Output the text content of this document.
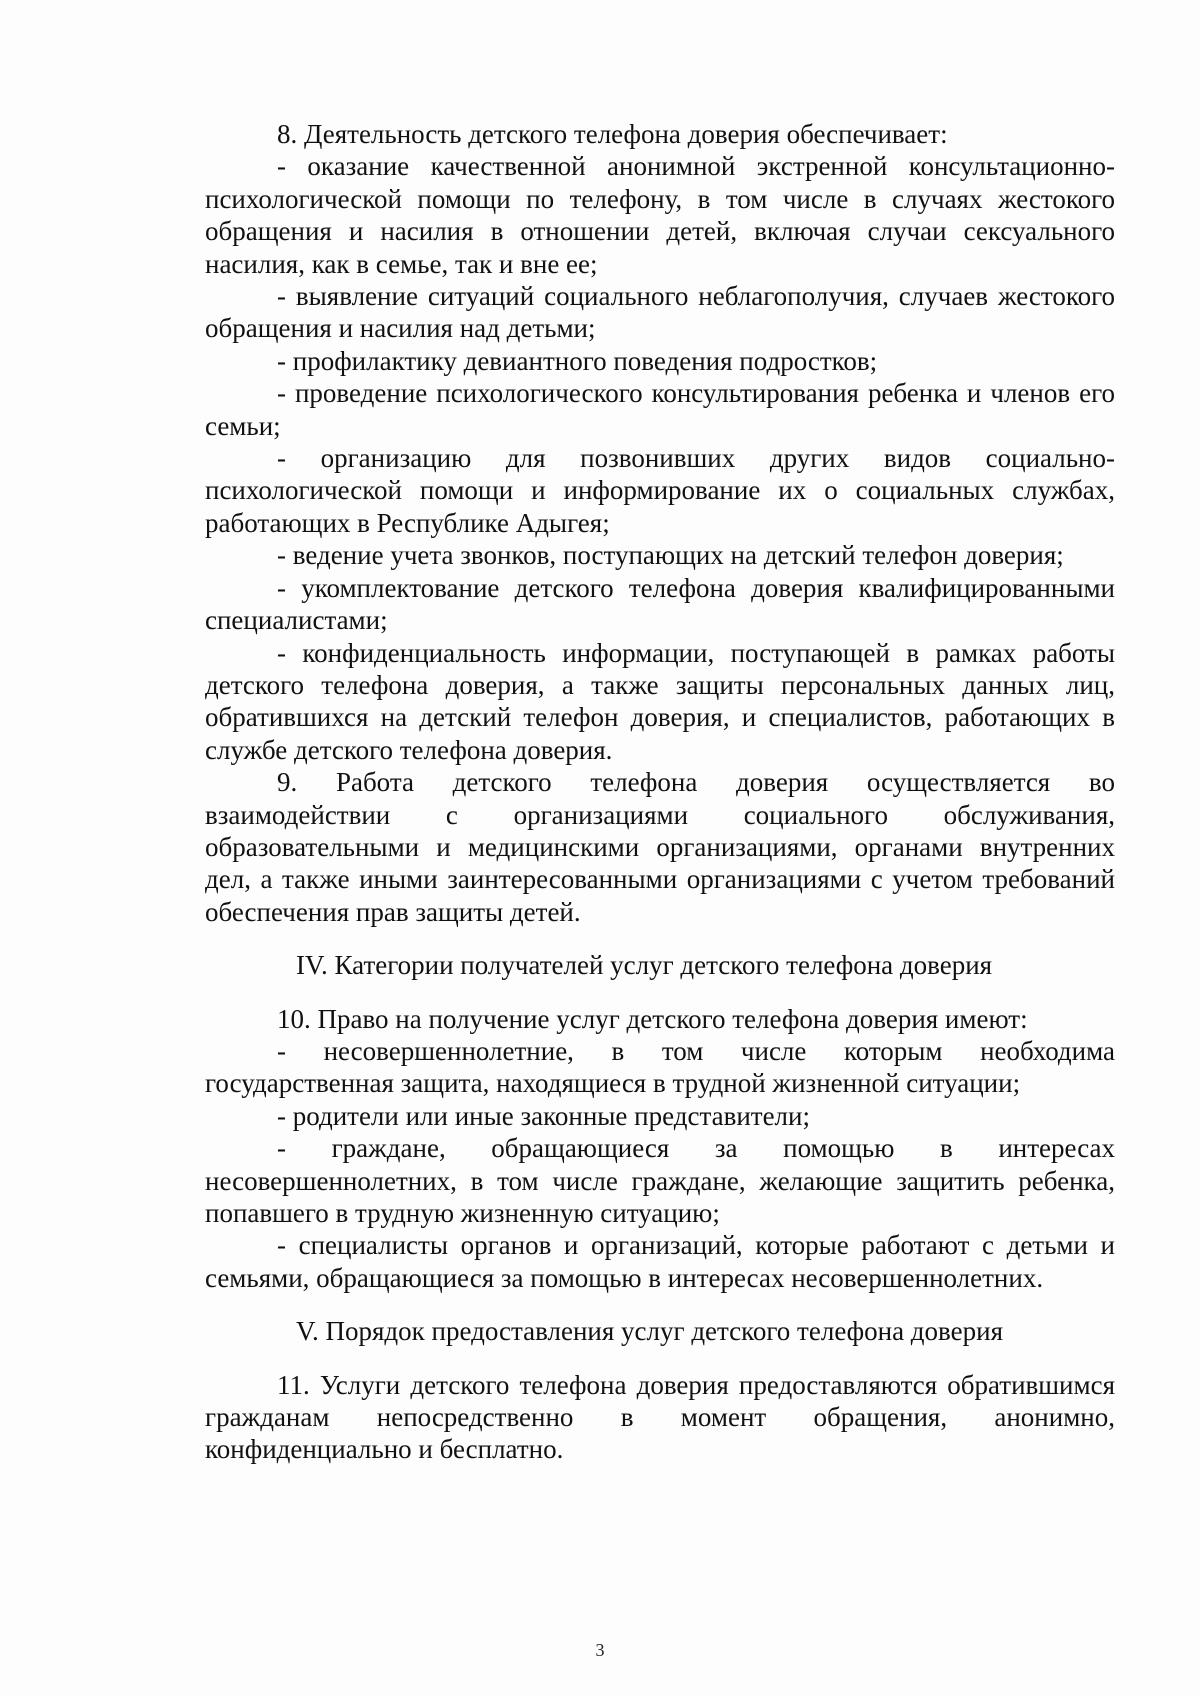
8. Деятельность детского телефона доверия обеспечивает:

- оказание качественной анонимной экстренной консультационно-психологической помощи по телефону, в том числе в случаях жестокого обращения и насилия в отношении детей, включая случаи сексуального насилия, как в семье, так и вне ее;

- выявление ситуаций социального неблагополучия, случаев жестокого обращения и насилия над детьми;

- профилактику девиантного поведения подростков;

- проведение психологического консультирования ребенка и членов его семьи;

- организацию для позвонивших других видов социально-психологической помощи и информирование их о социальных службах, работающих в Республике Адыгея;

- ведение учета звонков, поступающих на детский телефон доверия;

- укомплектование детского телефона доверия квалифицированными специалистами;

- конфиденциальность информации, поступающей в рамках работы детского телефона доверия, а также защиты персональных данных лиц, обратившихся на детский телефон доверия, и специалистов, работающих в службе детского телефона доверия.

9. Работа детского телефона доверия осуществляется во взаимодействии с организациями социального обслуживания, образовательными и медицинскими организациями, органами внутренних дел, а также иными заинтересованными организациями с учетом требований обеспечения прав защиты детей.

IV. Категории получателей услуг детского телефона доверия

10. Право на получение услуг детского телефона доверия имеют:

- несовершеннолетние, в том числе которым необходима государственная защита, находящиеся в трудной жизненной ситуации;

- родители или иные законные представители;

- граждане, обращающиеся за помощью в интересах несовершеннолетних, в том числе граждане, желающие защитить ребенка, попавшего в трудную жизненную ситуацию;

- специалисты органов и организаций, которые работают с детьми и семьями, обращающиеся за помощью в интересах несовершеннолетних.

V. Порядок предоставления услуг детского телефона доверия

11. Услуги детского телефона доверия предоставляются обратившимся гражданам непосредственно в момент обращения, анонимно, конфиденциально и бесплатно.

3
